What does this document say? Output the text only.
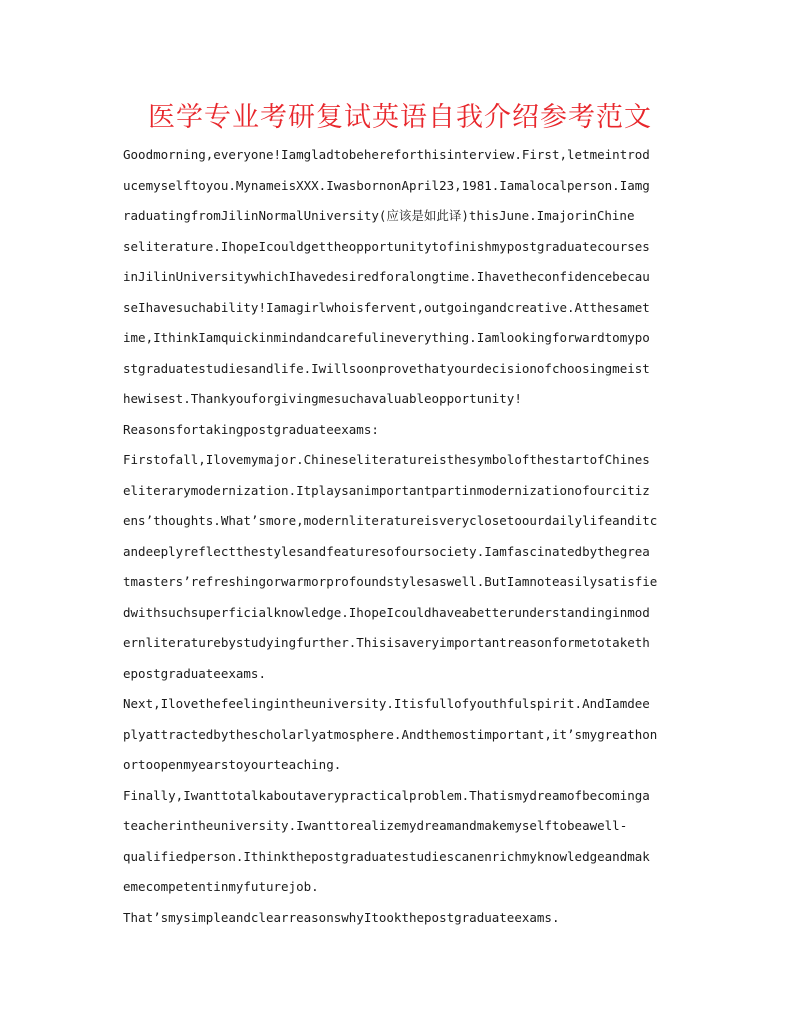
医学专业考研复试英语自我介绍参考范文
Goodmorning,everyone!Iamgladtobehereforthisinterview.First,letmeintrod
ucemyselftoyou.MynameisXXX.IwasbornonApril23,1981.Iamalocalperson.Iamg
raduatingfromJilinNormalUniversity(应该是如此译)thisJune.ImajorinChine
seliterature.IhopeIcouldgettheopportunitytofinishmypostgraduatecourses
inJilinUniversitywhichIhavedesiredforalongtime.Ihavetheconfidencebecau
seIhavesuchability!Iamagirlwhoisfervent,outgoingandcreative.Atthesamet
ime,IthinkIamquickinmindandcarefulineverything.Iamlookingforwardtomypo
stgraduatestudiesandlife.Iwillsoonprovethatyourdecisionofchoosingmeist
hewisest.Thankyouforgivingmesuchavaluableopportunity!
Reasonsfortakingpostgraduateexams:
Firstofall,Ilovemymajor.ChineseliteratureisthesymbolofthestartofChines
eliterarymodernization.Itplaysanimportantpartinmodernizationofourcitiz
ens’thoughts.What’smore,modernliteratureisveryclosetoourdailylifeanditc
andeeplyreflectthestylesandfeaturesofoursociety.Iamfascinatedbythegrea
tmasters’refreshingorwarmorprofoundstylesaswell.ButIamnoteasilysatisfie
dwithsuchsuperficialknowledge.IhopeIcouldhaveabetterunderstandinginmod
ernliteraturebystudyingfurther.Thisisaveryimportantreasonformetotaketh
epostgraduateexams.
Next,Ilovethefeelingintheuniversity.Itisfullofyouthfulspirit.AndIamdee
plyattractedbythescholarlyatmosphere.Andthemostimportant,it’smygreathon
ortoopenmyearstoyourteaching.
Finally,Iwanttotalkaboutaverypracticalproblem.Thatismydreamofbecominga
teacherintheuniversity.Iwanttorealizemydreamandmakemyselftobeawell-
qualifiedperson.Ithinkthepostgraduatestudiescanenrichmyknowledgeandmak
emecompetentinmyfuturejob.
That’smysimpleandclearreasonswhyItookthepostgraduateexams.
